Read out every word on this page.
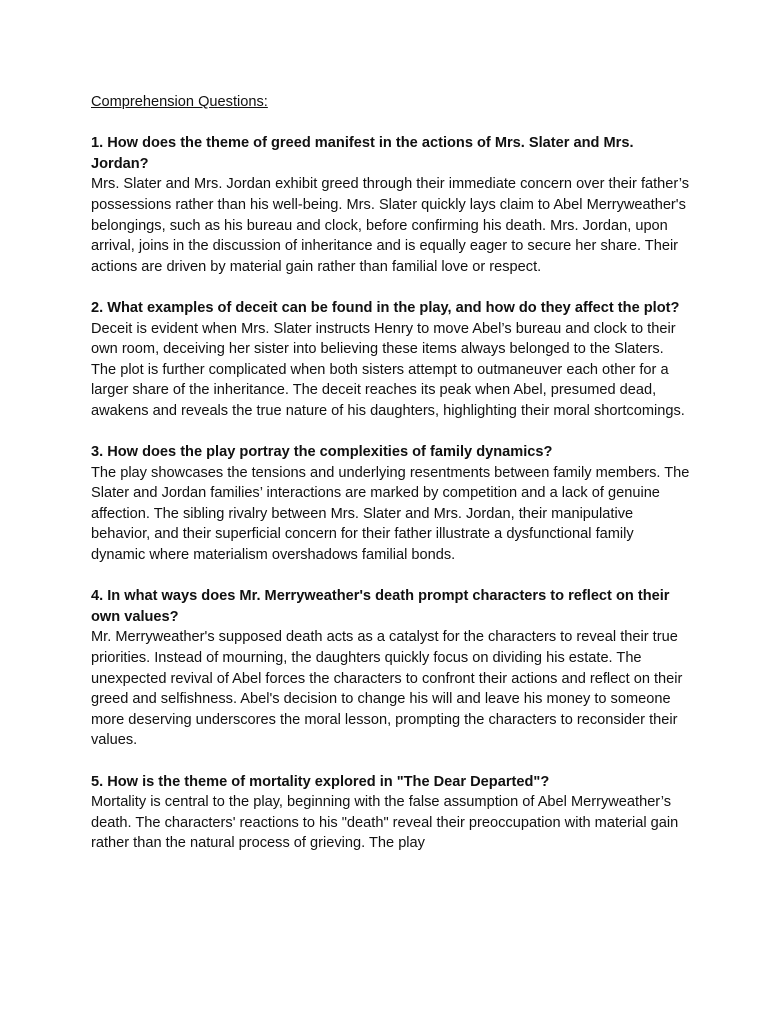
Comprehension Questions:

1. How does the theme of greed manifest in the actions of Mrs. Slater and Mrs. Jordan?

Mrs. Slater and Mrs. Jordan exhibit greed through their immediate concern over their father’s possessions rather than his well-being. Mrs. Slater quickly lays claim to Abel Merryweather's belongings, such as his bureau and clock, before confirming his death. Mrs. Jordan, upon arrival, joins in the discussion of inheritance and is equally eager to secure her share. Their actions are driven by material gain rather than familial love or respect.

2. What examples of deceit can be found in the play, and how do they affect the plot?

Deceit is evident when Mrs. Slater instructs Henry to move Abel’s bureau and clock to their own room, deceiving her sister into believing these items always belonged to the Slaters. The plot is further complicated when both sisters attempt to outmaneuver each other for a larger share of the inheritance. The deceit reaches its peak when Abel, presumed dead, awakens and reveals the true nature of his daughters, highlighting their moral shortcomings.

3. How does the play portray the complexities of family dynamics?

The play showcases the tensions and underlying resentments between family members. The Slater and Jordan families’ interactions are marked by competition and a lack of genuine affection. The sibling rivalry between Mrs. Slater and Mrs. Jordan, their manipulative behavior, and their superficial concern for their father illustrate a dysfunctional family dynamic where materialism overshadows familial bonds.

4. In what ways does Mr. Merryweather's death prompt characters to reflect on their own values?

Mr. Merryweather's supposed death acts as a catalyst for the characters to reveal their true priorities. Instead of mourning, the daughters quickly focus on dividing his estate. The unexpected revival of Abel forces the characters to confront their actions and reflect on their greed and selfishness. Abel's decision to change his will and leave his money to someone more deserving underscores the moral lesson, prompting the characters to reconsider their values.

5. How is the theme of mortality explored in "The Dear Departed"?

Mortality is central to the play, beginning with the false assumption of Abel Merryweather’s death. The characters' reactions to his "death" reveal their preoccupation with material gain rather than the natural process of grieving. The play
